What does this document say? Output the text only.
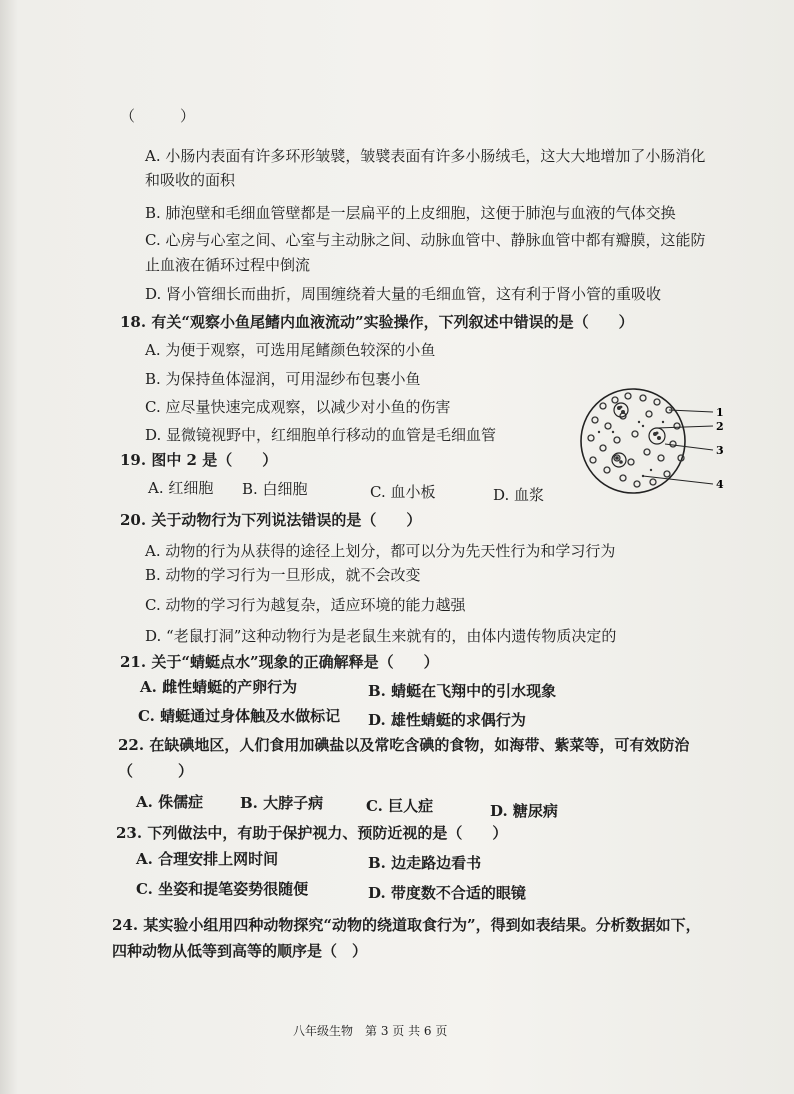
（　　　）
A. 小肠内表面有许多环形皱襞，皱襞表面有许多小肠绒毛，这大大地增加了小肠消化
和吸收的面积
B. 肺泡壁和毛细血管壁都是一层扁平的上皮细胞，这便于肺泡与血液的气体交换
C. 心房与心室之间、心室与主动脉之间、动脉血管中、静脉血管中都有瓣膜，这能防
止血液在循环过程中倒流
D. 肾小管细长而曲折，周围缠绕着大量的毛细血管，这有利于肾小管的重吸收
18. 有关“观察小鱼尾鳍内血液流动”实验操作，下列叙述中错误的是（　　）
A. 为便于观察，可选用尾鳍颜色较深的小鱼
B. 为保持鱼体湿润，可用湿纱布包裹小鱼
C. 应尽量快速完成观察，以减少对小鱼的伤害
D. 显微镜视野中，红细胞单行移动的血管是毛细血管
19. 图中 2 是（　　）
A. 红细胞 B. 白细胞	C. 血小板	D. 血浆
1
2
3
4
20. 关于动物行为下列说法错误的是（　　）
A. 动物的行为从获得的途径上划分，都可以分为先天性行为和学习行为
B. 动物的学习行为一旦形成，就不会改变
C. 动物的学习行为越复杂，适应环境的能力越强
D. “老鼠打洞”这种动物行为是老鼠生来就有的，由体内遗传物质决定的
21. 关于“蜻蜓点水”现象的正确解释是（　　）
A. 雌性蜻蜓的产卵行为	B. 蜻蜓在飞翔中的引水现象
C. 蜻蜓通过身体触及水做标记 D. 雄性蜻蜓的求偶行为
22. 在缺碘地区，人们食用加碘盐以及常吃含碘的食物，如海带、紫菜等，可有效防治
（　　　）
A. 侏儒症 B. 大脖子病	C. 巨人症	D. 糖尿病
23. 下列做法中，有助于保护视力、预防近视的是（　　）
A. 合理安排上网时间	B. 边走路边看书
C. 坐姿和提笔姿势很随便	D. 带度数不合适的眼镜
24. 某实验小组用四种动物探究“动物的绕道取食行为”，得到如表结果。分析数据如下，
四种动物从低等到高等的顺序是（　）
八年级生物　第 3 页 共 6 页
